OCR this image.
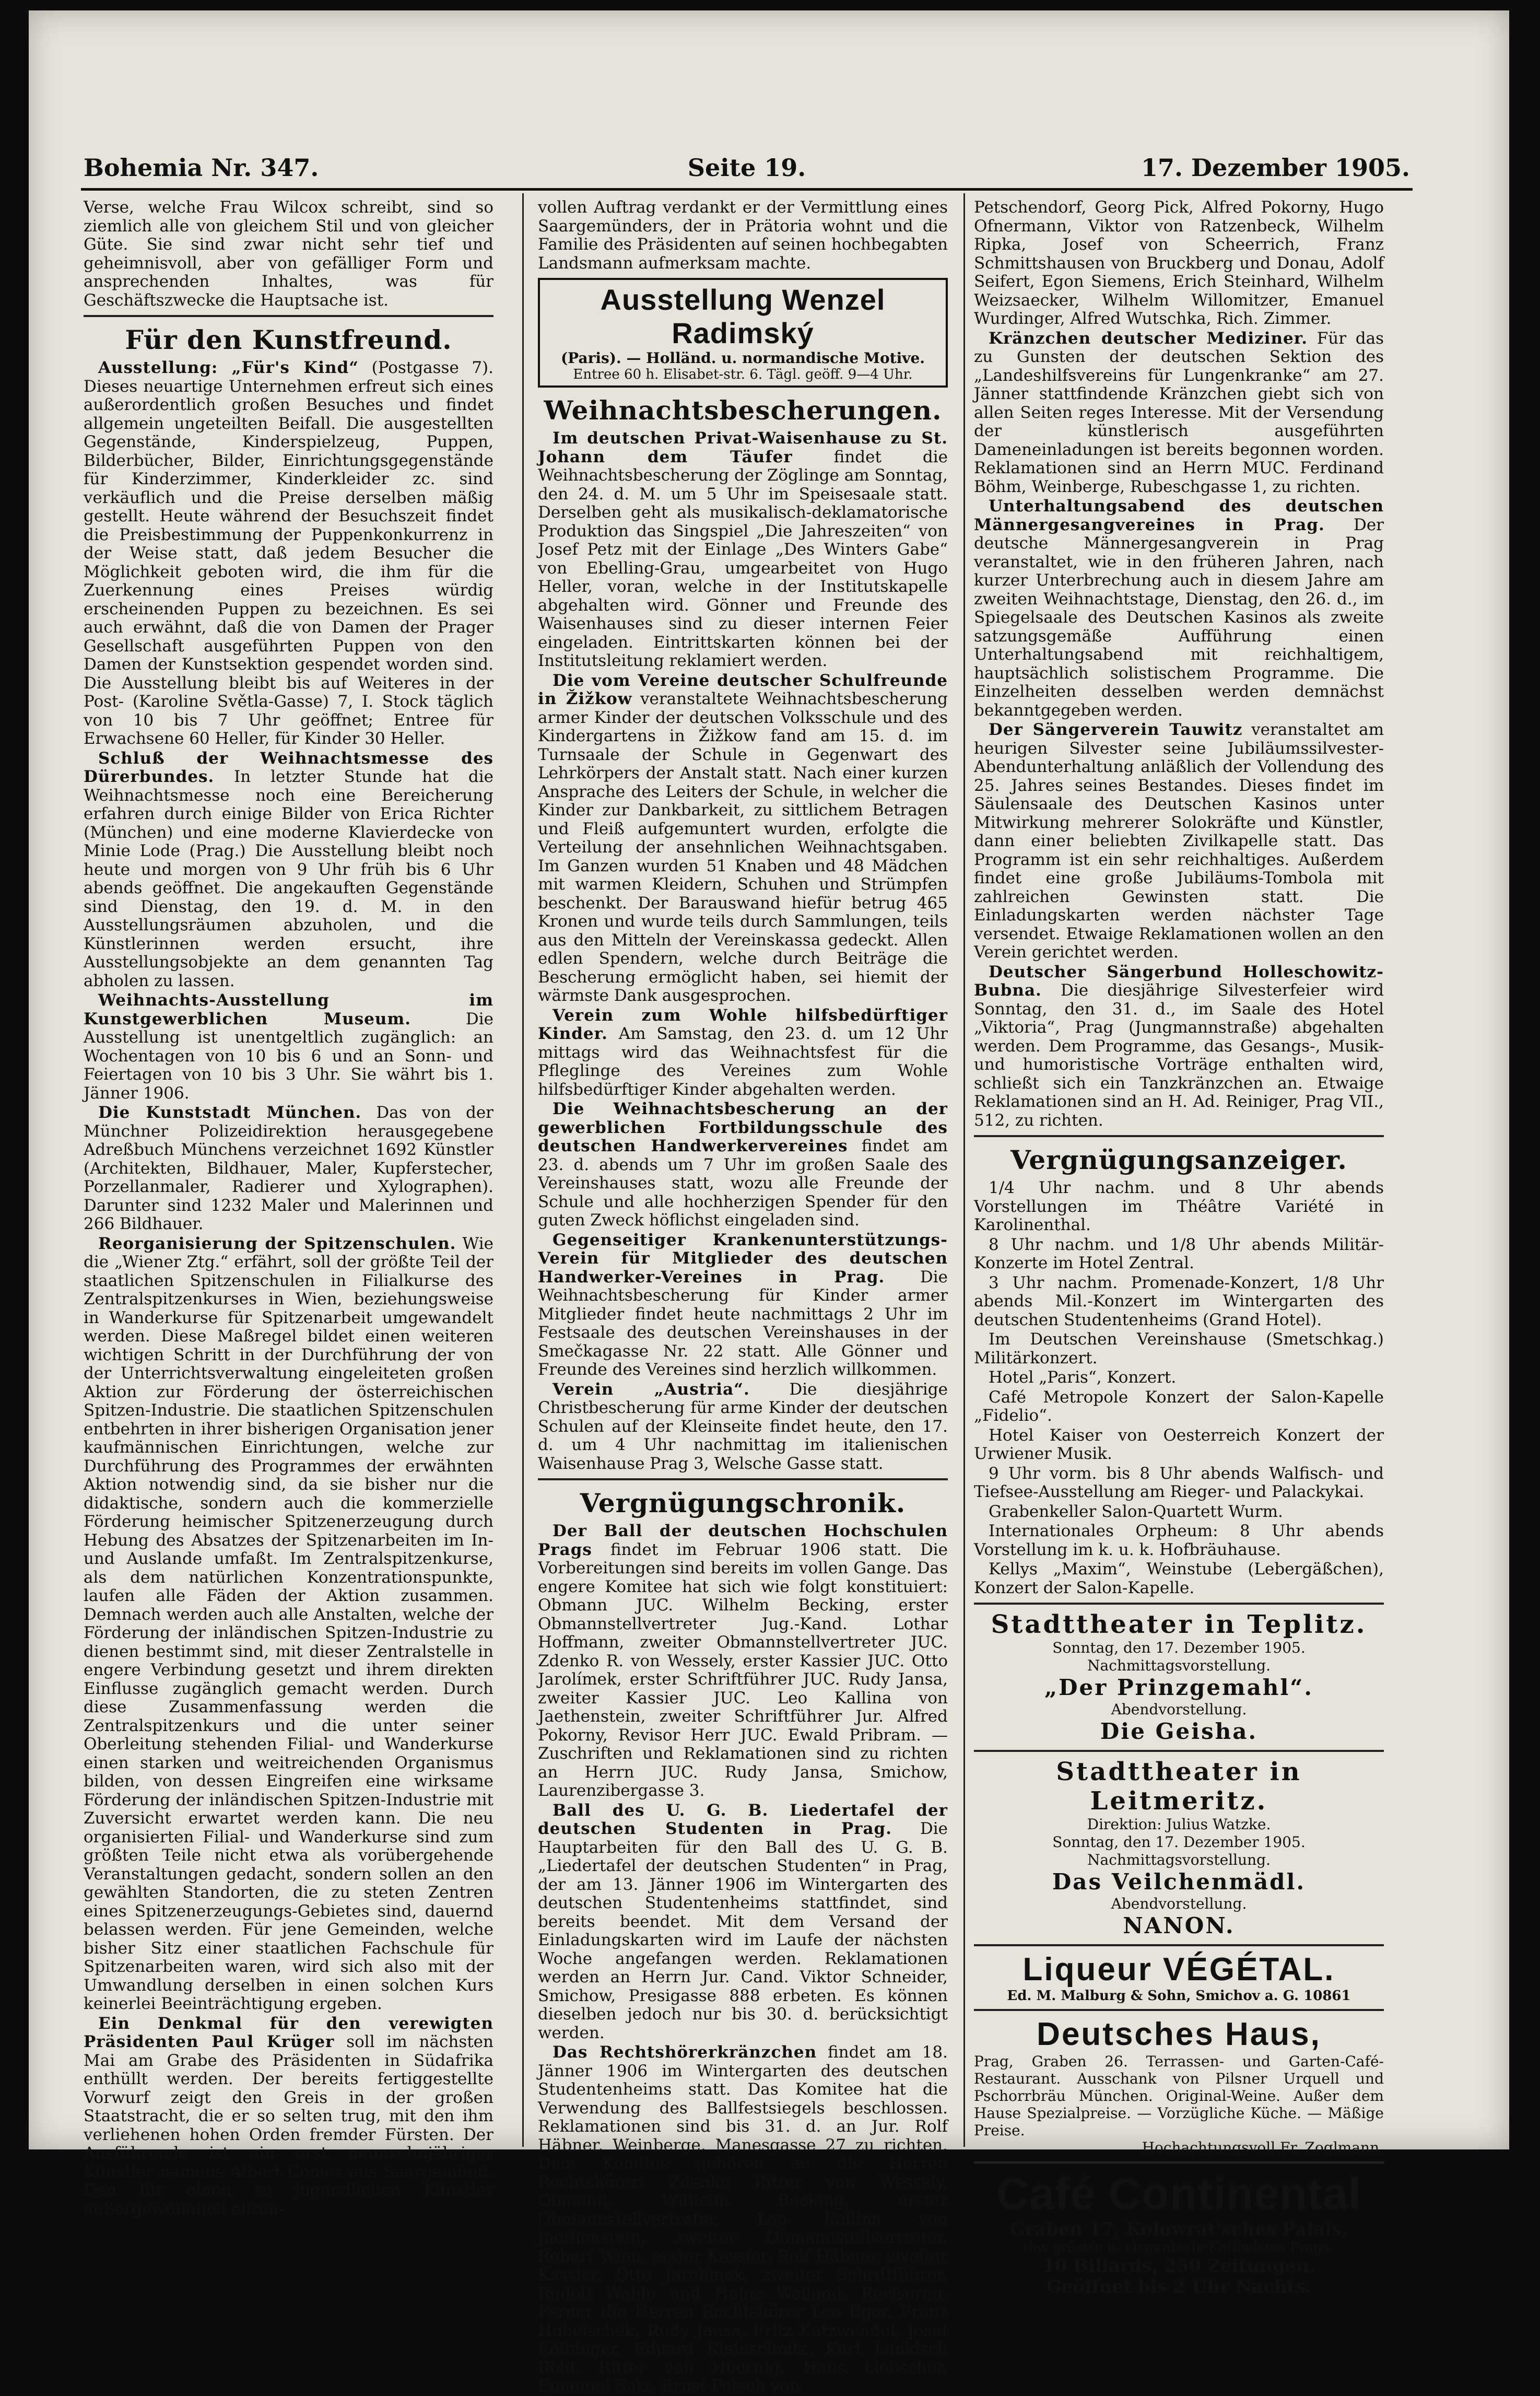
Bohemia Nr. 347.	Seite 19.	17. Dezember 1905.

Verse, welche Frau Wilcox schreibt, sind so ziemlich alle von gleichem Stil und von gleicher Güte. Sie sind zwar nicht sehr tief und geheimnisvoll, aber von gefälliger Form und ansprechenden Inhaltes, was für Geschäftszwecke die Hauptsache ist.

Für den Kunstfreund.

Ausstellung: „Für's Kind“ (Postgasse 7). Dieses neuartige Unternehmen erfreut sich eines außerordentlich großen Besuches und findet allgemein ungeteilten Beifall. Die ausgestellten Gegenstände, Kinderspielzeug, Puppen, Bilderbücher, Bilder, Einrichtungsgegenstände für Kinderzimmer, Kinderkleider zc. sind verkäuflich und die Preise derselben mäßig gestellt. Heute während der Besuchszeit findet die Preisbestimmung der Puppenkonkurrenz in der Weise statt, daß jedem Besucher die Möglichkeit geboten wird, die ihm für die Zuerkennung eines Preises würdig erscheinenden Puppen zu bezeichnen. Es sei auch erwähnt, daß die von Damen der Prager Gesellschaft ausgeführten Puppen von den Damen der Kunstsektion gespendet worden sind. Die Ausstellung bleibt bis auf Weiteres in der Post- (Karoline Světla-Gasse) 7, I. Stock täglich von 10 bis 7 Uhr geöffnet; Entree für Erwachsene 60 Heller, für Kinder 30 Heller.

Schluß der Weihnachtsmesse des Dürerbundes. In letzter Stunde hat die Weihnachtsmesse noch eine Bereicherung erfahren durch einige Bilder von Erica Richter (München) und eine moderne Klavierdecke von Minie Lode (Prag.) Die Ausstellung bleibt noch heute und morgen von 9 Uhr früh bis 6 Uhr abends geöffnet. Die angekauften Gegenstände sind Dienstag, den 19. d. M. in den Ausstellungsräumen abzuholen, und die Künstlerinnen werden ersucht, ihre Ausstellungsobjekte an dem genannten Tag abholen zu lassen.

Weihnachts-Ausstellung im Kunstgewerblichen Museum.	Die Ausstellung ist unentgeltlich zugänglich: an Wochentagen von 10 bis 6 und an Sonn- und Feiertagen von 10 bis 3 Uhr. Sie währt bis 1. Jänner 1906.

Die Kunststadt München. Das von der Münchner Polizeidirektion herausgegebene Adreßbuch Münchens verzeichnet 1692 Künstler (Architekten, Bildhauer, Maler, Kupferstecher, Porzellanmaler, Radierer und Xylographen). Darunter sind 1232 Maler und Malerinnen und 266 Bildhauer.

Reorganisierung der Spitzenschulen. Wie die „Wiener Ztg.“ erfährt, soll der größte Teil der staatlichen Spitzenschulen in Filialkurse des Zentralspitzenkurses in Wien, beziehungsweise in Wanderkurse für Spitzenarbeit umgewandelt werden. Diese Maßregel bildet einen weiteren wichtigen Schritt in der Durchführung der von der Unterrichtsverwaltung eingeleiteten großen Aktion zur Förderung der österreichischen Spitzen-Industrie. Die staatlichen Spitzenschulen entbehrten in ihrer bisherigen Organisation jener kaufmännischen Einrichtungen, welche zur Durchführung des Programmes der erwähnten Aktion notwendig sind, da sie bisher nur die didaktische, sondern auch die kommerzielle Förderung heimischer Spitzenerzeugung durch Hebung des Absatzes der Spitzenarbeiten im In- und Auslande umfaßt. Im Zentralspitzenkurse, als dem natürlichen Konzentrationspunkte, laufen alle Fäden der Aktion zusammen. Demnach werden auch alle Anstalten, welche der Förderung der inländischen Spitzen-Industrie zu dienen bestimmt sind, mit dieser Zentralstelle in engere Verbindung gesetzt und ihrem direkten Einflusse zugänglich gemacht werden. Durch diese Zusammenfassung werden die Zentralspitzenkurs und die unter seiner Oberleitung stehenden Filial- und Wanderkurse einen starken und weitreichenden Organismus bilden, von dessen Eingreifen eine wirksame Förderung der inländischen Spitzen-Industrie mit Zuversicht erwartet werden kann. Die neu organisierten Filial- und Wanderkurse sind zum größten Teile nicht etwa als vorübergehende Veranstaltungen gedacht, sondern sollen an den gewählten Standorten, die zu steten Zentren eines Spitzenerzeugungs-Gebietes sind, dauernd belassen werden. Für jene Gemeinden, welche bisher Sitz einer staatlichen Fachschule für Spitzenarbeiten waren, wird sich also mit der Umwandlung derselben in einen solchen Kurs keinerlei Beeinträchtigung ergeben.

Ein Denkmal für den verewigten Präsidenten Paul Krüger soll im nächsten Mai am Grabe des Präsidenten in Südafrika enthüllt werden. Der bereits fertiggestellte Vorwurf zeigt den Greis in der großen Staatstracht, die er so selten trug, mit den ihm verliehenen hohen Orden fremder Fürsten. Der Ausführende ist ein erst neunzehnjähriger Künstler namens Albert Comer aus Saargemünd. Den für einen so jugendlichen Künstler außergewöhnlich ehren-

vollen Auftrag verdankt er der Vermittlung eines Saargemünders, der in Prätoria wohnt und die Familie des Präsidenten auf seinen hochbegabten Landsmann aufmerksam machte.

Ausstellung Wenzel Radimský
(Paris). — Holländ. u. normandische Motive.
Entree 60 h. Elisabet-str. 6. Tägl. geöff. 9—4 Uhr.
Weihnachtsbescherungen.

Im deutschen Privat-Waisenhause zu St. Johann dem Täufer	findet die Weihnachtsbescherung der Zöglinge am Sonntag, den 24. d. M. um 5 Uhr im Speisesaale statt. Derselben geht als musikalisch-deklamatorische Produktion das Singspiel „Die Jahreszeiten“ von Josef Petz mit der Einlage „Des Winters Gabe“ von Ebelling-Grau, umgearbeitet von Hugo Heller, voran, welche in der Institutskapelle abgehalten wird. Gönner und Freunde des Waisenhauses sind zu dieser internen Feier eingeladen. Eintrittskarten können bei der Institutsleitung reklamiert werden.

Die vom Vereine deutscher Schulfreunde in Žižkow veranstaltete Weihnachtsbescherung armer Kinder der deutschen Volksschule und des Kindergartens in Žižkow fand am 15. d. im Turnsaale der Schule in Gegenwart des Lehrkörpers der Anstalt statt. Nach einer kurzen Ansprache des Leiters der Schule, in welcher die Kinder zur Dankbarkeit, zu sittlichem Betragen und Fleiß aufgemuntert wurden, erfolgte die Verteilung der ansehnlichen Weihnachtsgaben. Im Ganzen wurden 51 Knaben und 48 Mädchen mit warmen Kleidern, Schuhen und Strümpfen beschenkt. Der Barauswand hiefür betrug 465 Kronen und wurde teils durch Sammlungen, teils aus den Mitteln der Vereinskassa gedeckt. Allen edlen Spendern, welche durch Beiträge die Bescherung ermöglicht haben, sei hiemit der wärmste Dank ausgesprochen.

Verein zum Wohle hilfsbedürftiger Kinder. Am Samstag, den 23. d. um 12 Uhr mittags wird das Weihnachtsfest für die Pfleglinge des Vereines zum Wohle hilfsbedürftiger Kinder abgehalten werden.

Die Weihnachtsbescherung an der gewerblichen Fortbildungsschule des deutschen Handwerkervereines findet am 23. d. abends um 7 Uhr im großen Saale des Vereinshauses statt, wozu alle Freunde der Schule und alle hochherzigen Spender für den guten Zweck höflichst eingeladen sind.

Gegenseitiger Krankenunterstützungs-Verein für Mitglieder des deutschen Handwerker-Vereines in Prag. Die Weihnachtsbescherung für Kinder armer Mitglieder findet heute nachmittags 2 Uhr im Festsaale des deutschen Vereinshauses in der Smečkagasse Nr. 22 statt. Alle Gönner und Freunde des Vereines sind herzlich willkommen.

Verein „Austria“. Die diesjährige Christbescherung für arme Kinder der deutschen Schulen auf der Kleinseite findet heute, den 17. d. um 4 Uhr nachmittag im italienischen Waisenhause Prag 3, Welsche Gasse statt.

Vergnügungschronik.

Der Ball der deutschen Hochschulen Prags findet im Februar 1906 statt. Die Vorbereitungen sind bereits im vollen Gange. Das engere Komitee hat sich wie folgt konstituiert: Obmann JUC. Wilhelm Becking, erster Obmannstellvertreter Jug.-Kand. Lothar Hoffmann, zweiter Obmannstellvertreter JUC. Zdenko R. von Wessely, erster Kassier JUC. Otto Jarolímek, erster Schriftführer JUC. Rudy Jansa, zweiter Kassier JUC. Leo Kallina von Jaethenstein, zweiter Schriftführer Jur. Alfred Pokorny, Revisor Herr JUC. Ewald Pribram. — Zuschriften und Reklamationen sind zu richten an Herrn JUC. Rudy Jansa, Smichow, Laurenzibergasse 3.

Ball des U. G. B. Liedertafel der deutschen Studenten in Prag. Die Hauptarbeiten für den Ball des U. G. B. „Liedertafel der deutschen Studenten“ in Prag, der am 13. Jänner 1906 im Wintergarten des deutschen Studentenheims stattfindet, sind bereits beendet. Mit dem Versand der Einladungskarten wird im Laufe der nächsten Woche angefangen werden. Reklamationen werden an Herrn Jur. Cand. Viktor Schneider, Smichow, Presigasse 888 erbeten. Es können dieselben jedoch nur bis 30. d. berücksichtigt werden.

Das Rechtshörerkränzchen findet am 18. Jänner 1906 im Wintergarten des deutschen Studentenheims statt. Das Komitee hat die Verwendung des Ballfestsiegels beschlossen. Reklamationen sind bis 31. d. an Jur. Rolf Häbner, Weinberge, Manesgasse 27 zu richten. Dem Komitee gehören an die Herren Rechtshörer: Zdenko Ritter von Wessely, Obmann, Wilhelm Becking, erster Obmannstellvertreter, Leo Kallina von Jaethenstein, zweiter Obmannstellvertreter, Robert Wien, erster Kassier, Rolf Häbner, zweiter Kassier, Otto Jarolímek, zweiter Schriftführer, Rudolf Wahle und Heinz Weiland, Revisoren. Ferner die Herren Rechtshörer Leo Eger, Franz Hubeischek, Rudy Jansa, Fritz Katzwendel, Josef Kölbinger, Eduard Kleinschnitz, Kurt Lankisch Reid. Ritter von Hoernig, Hans Liebscher, Emanuel Satz, Ernst Petsch von

Petschendorf, Georg Pick, Alfred Pokorny, Hugo Ofnermann, Viktor von Ratzenbeck, Wilhelm Ripka, Josef von Scheerrich, Franz Schmittshausen von Bruckberg und Donau, Adolf Seifert, Egon Siemens, Erich Steinhard, Wilhelm Weizsaecker, Wilhelm Willomitzer, Emanuel Wurdinger, Alfred Wutschka, Rich. Zimmer.

Kränzchen deutscher Mediziner. Für das zu Gunsten der deutschen Sektion des „Landeshilfsvereins für Lungenkranke“ am 27. Jänner stattfindende Kränzchen giebt sich von allen Seiten reges Interesse. Mit der Versendung der künstlerisch ausgeführten Dameneinladungen ist bereits begonnen worden. Reklamationen sind an Herrn MUC. Ferdinand Böhm, Weinberge, Rubeschgasse 1, zu richten.

Unterhaltungsabend des deutschen Männergesangvereines in Prag. Der deutsche Männergesangverein in Prag veranstaltet, wie in den früheren Jahren, nach kurzer Unterbrechung auch in diesem Jahre am zweiten Weihnachtstage, Dienstag, den 26. d., im Spiegelsaale des Deutschen Kasinos als zweite satzungsgemäße Aufführung einen Unterhaltungsabend mit reichhaltigem, hauptsächlich solistischem Programme. Die Einzelheiten desselben werden demnächst bekanntgegeben werden.

Der Sängerverein Tauwitz veranstaltet am heurigen Silvester seine Jubiläumssilvester-Abendunterhaltung anläßlich der Vollendung des 25. Jahres seines Bestandes. Dieses findet im Säulensaale des Deutschen Kasinos unter Mitwirkung mehrerer Solokräfte und Künstler, dann einer beliebten Zivilkapelle statt. Das Programm ist ein sehr reichhaltiges. Außerdem findet eine große Jubiläums-Tombola mit zahlreichen Gewinsten statt. Die Einladungskarten werden nächster Tage versendet. Etwaige Reklamationen wollen an den Verein gerichtet werden.

Deutscher Sängerbund Holleschowitz-Bubna. Die diesjährige Silvesterfeier wird Sonntag, den 31. d., im Saale des Hotel „Viktoria“, Prag (Jungmannstraße) abgehalten werden. Dem Programme, das Gesangs-, Musik- und humoristische Vorträge enthalten wird, schließt sich ein Tanzkränzchen an. Etwaige Reklamationen sind an H. Ad. Reiniger, Prag VII., 512, zu richten.

Vergnügungsanzeiger.

1/4 Uhr nachm. und 8 Uhr abends Vorstellungen im Théâtre Variété in Karolinenthal.

8 Uhr nachm. und 1/8 Uhr abends Militär-Konzerte im Hotel Zentral.

3 Uhr nachm. Promenade-Konzert, 1/8 Uhr abends Mil.-Konzert im Wintergarten des deutschen Studentenheims (Grand Hotel).

Im Deutschen Vereinshause (Smetschkag.) Militärkonzert.

Hotel „Paris“, Konzert.

Café Metropole Konzert der Salon-Kapelle „Fidelio“.

Hotel Kaiser von Oesterreich Konzert der Urwiener Musik.

9 Uhr vorm. bis 8 Uhr abends Walfisch- und Tiefsee-Ausstellung am Rieger- und Palackykai.

Grabenkeller Salon-Quartett Wurm.

Internationales Orpheum: 8 Uhr abends Vorstellung im k. u. k. Hofbräuhause.

Kellys „Maxim“, Weinstube (Lebergäßchen), Konzert der Salon-Kapelle.

Stadttheater in Teplitz.
Sonntag, den 17. Dezember 1905.
Nachmittagsvorstellung.
„Der Prinzgemahl“.
Abendvorstellung.
Die Geisha.
Stadttheater in Leitmeritz.
Direktion: Julius Watzke.
Sonntag, den 17. Dezember 1905.
Nachmittagsvorstellung.
Das Veilchenmädl.
Abendvorstellung.
NANON.
Liqueur VÉGÉTAL.
Ed. M. Malburg & Sohn, Smichov a. G. 10861
Deutsches Haus,
Prag, Graben 26. Terrassen- und Garten-Café-Restaurant. Ausschank von Pilsner Urquell und Pschorrbräu München. Original-Weine. Außer dem Hause Spezialpreise. — Vorzügliche Küche. — Mäßige Preise.
Hochachtungsvoll Fr. Zoglmann.
Café Continental
Graben 17, Kolowrat'sches Palais,
das grösste u. eleganteste Kaffeehaus Prags.
10 Billards, 250 Zeitungen.
Geöffnet bis 2 Uhr Nachts.
